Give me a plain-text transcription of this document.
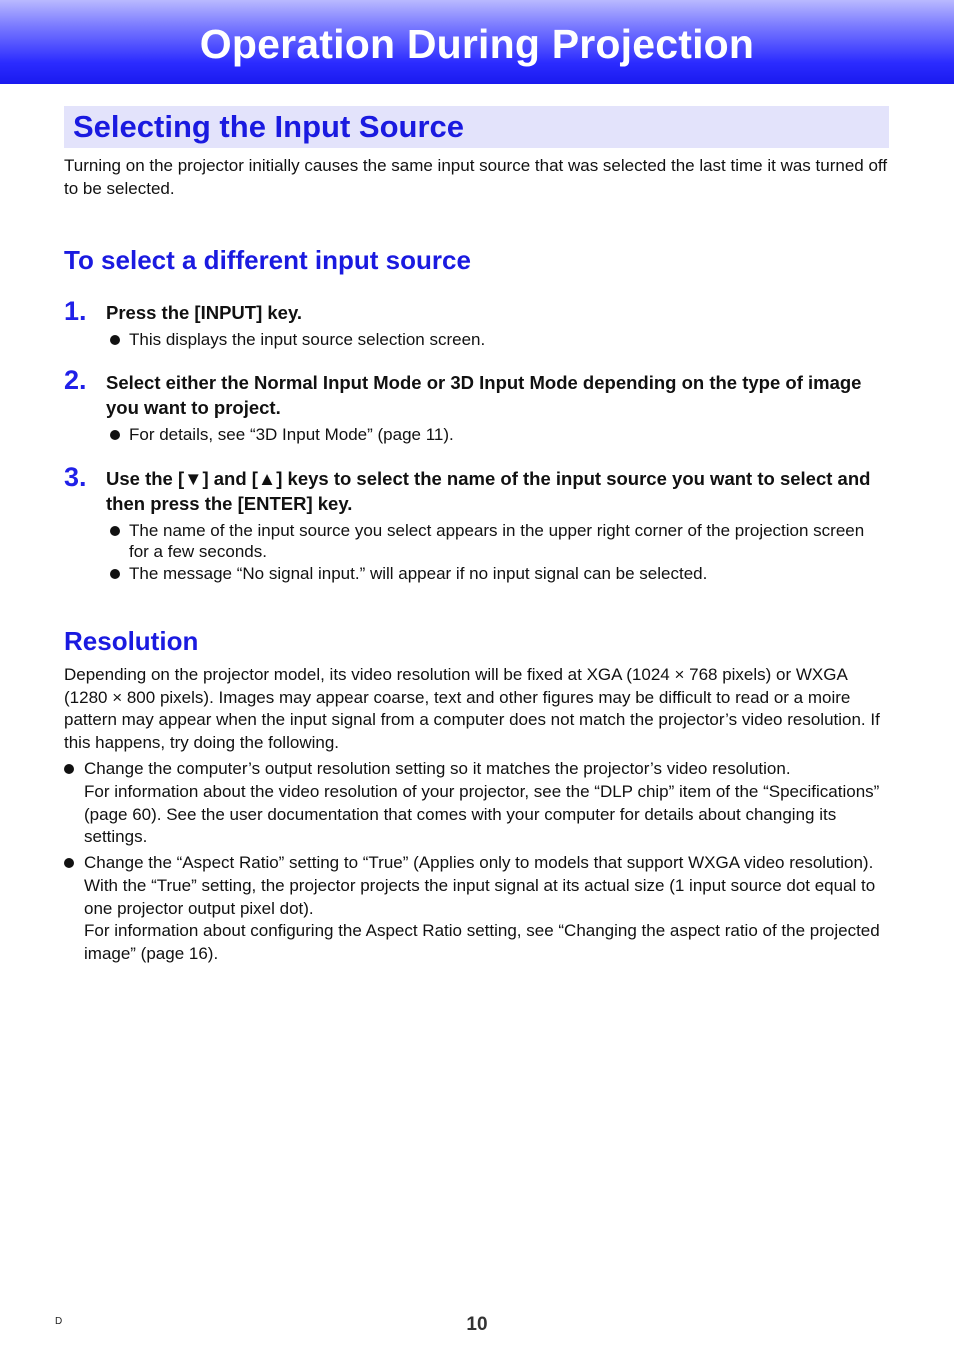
Operation During Projection
Selecting the Input Source

Turning on the projector initially causes the same input source that was selected the last time it was turned off to be selected.

To select a different input source
1. Press the [INPUT] key.
This displays the input source selection screen.
2. Select either the Normal Input Mode or 3D Input Mode depending on the type of image you want to project.
For details, see “3D Input Mode” (page 11).
3. Use the [▼] and [▲] keys to select the name of the input source you want to select and then press the [ENTER] key.
The name of the input source you select appears in the upper right corner of the projection screen for a few seconds.
The message “No signal input.” will appear if no input signal can be selected.
Resolution

Depending on the projector model, its video resolution will be fixed at XGA (1024 × 768 pixels) or WXGA (1280 × 800 pixels). Images may appear coarse, text and other figures may be difficult to read or a moire pattern may appear when the input signal from a computer does not match the projector’s video resolution. If this happens, try doing the following.

Change the computer’s output resolution setting so it matches the projector’s video resolution.
For information about the video resolution of your projector, see the “DLP chip” item of the “Specifications” (page 60). See the user documentation that comes with your computer for details about changing its settings.
Change the “Aspect Ratio” setting to “True” (Applies only to models that support WXGA video resolution).
With the “True” setting, the projector projects the input signal at its actual size (1 input source dot equal to one projector output pixel dot).
For information about configuring the Aspect Ratio setting, see “Changing the aspect ratio of the projected image” (page 16).
D	10
